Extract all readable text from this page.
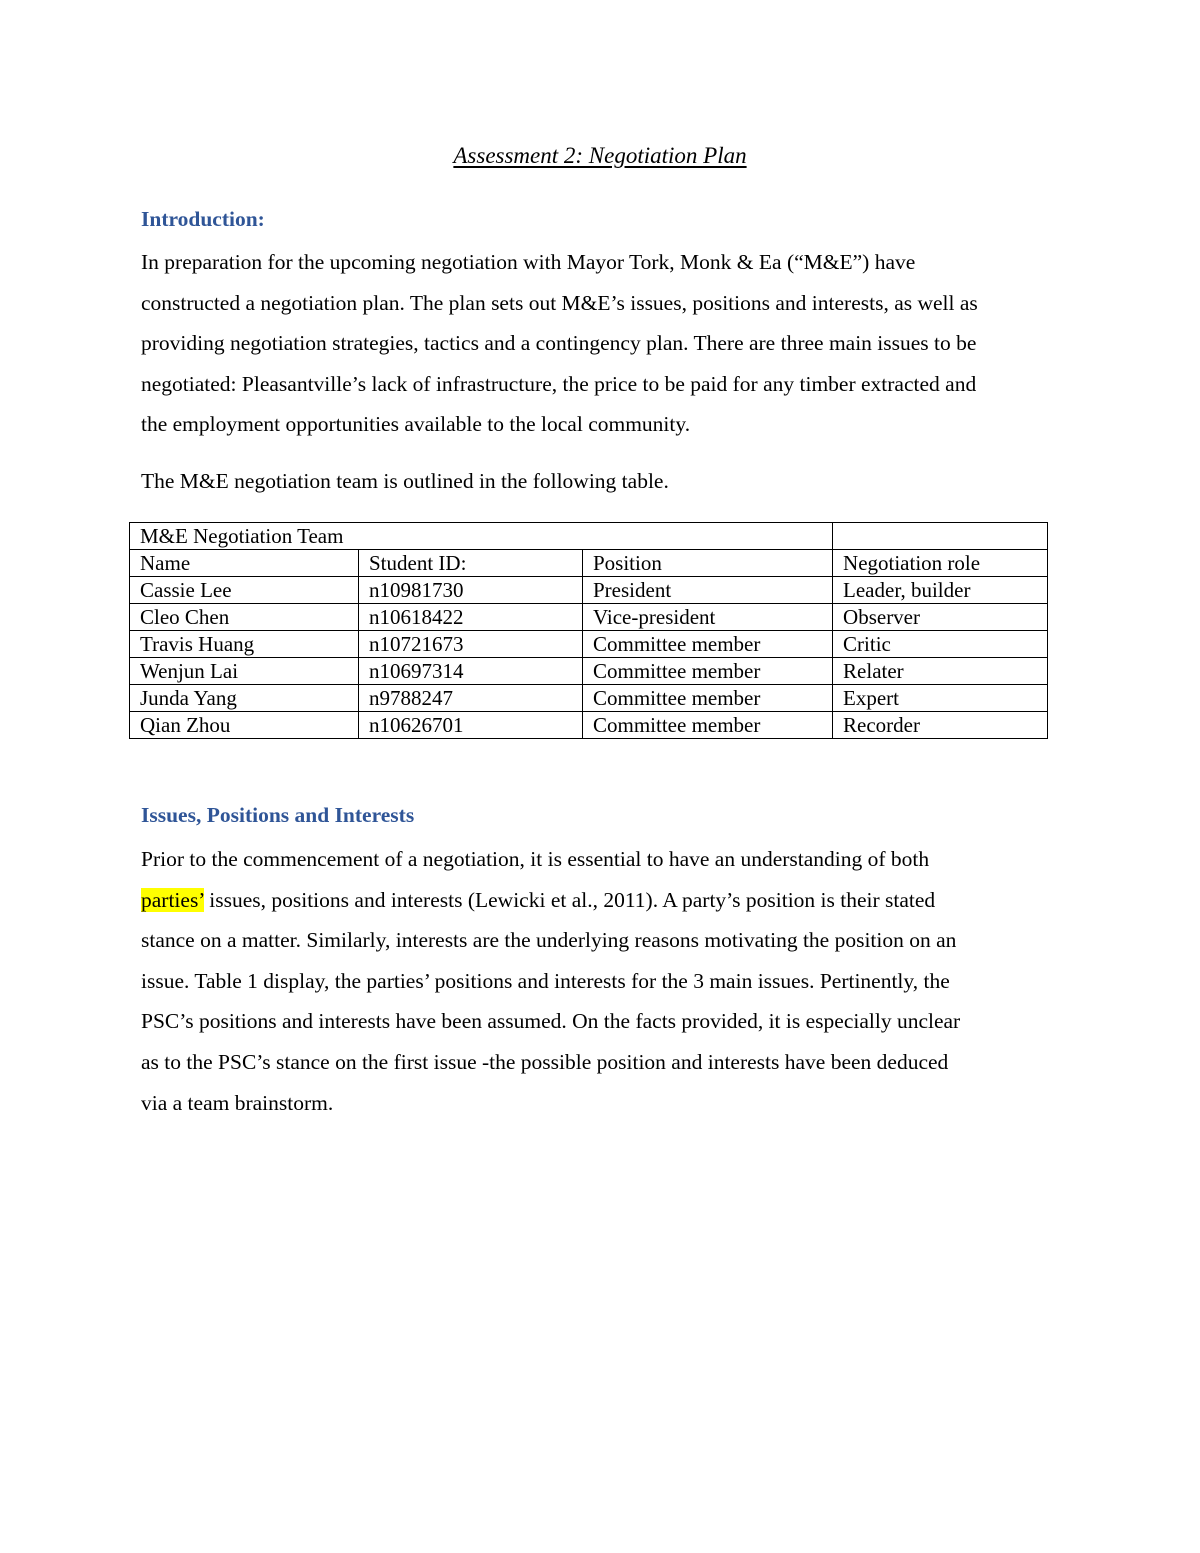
Assessment 2: Negotiation Plan
Introduction:
In preparation for the upcoming negotiation with Mayor Tork, Monk & Ea (“M&E”) have
constructed a negotiation plan. The plan sets out M&E’s issues, positions and interests, as well as
providing negotiation strategies, tactics and a contingency plan. There are three main issues to be
negotiated: Pleasantville’s lack of infrastructure, the price to be paid for any timber extracted and
the employment opportunities available to the local community.
The M&E negotiation team is outlined in the following table.
M&E Negotiation Team			
Name	Student ID:	Position	Negotiation role
Cassie Lee	n10981730	President	Leader, builder
Cleo Chen	n10618422	Vice-president	Observer
Travis Huang	n10721673	Committee member	Critic
Wenjun Lai	n10697314	Committee member	Relater
Junda Yang	n9788247	Committee member	Expert
Qian Zhou	n10626701	Committee member	Recorder
Issues, Positions and Interests
Prior to the commencement of a negotiation, it is essential to have an understanding of both
parties’ issues, positions and interests (Lewicki et al., 2011). A party’s position is their stated
stance on a matter. Similarly, interests are the underlying reasons motivating the position on an
issue. Table 1 display, the parties’ positions and interests for the 3 main issues. Pertinently, the
PSC’s positions and interests have been assumed. On the facts provided, it is especially unclear
as to the PSC’s stance on the first issue -the possible position and interests have been deduced
via a team brainstorm.
